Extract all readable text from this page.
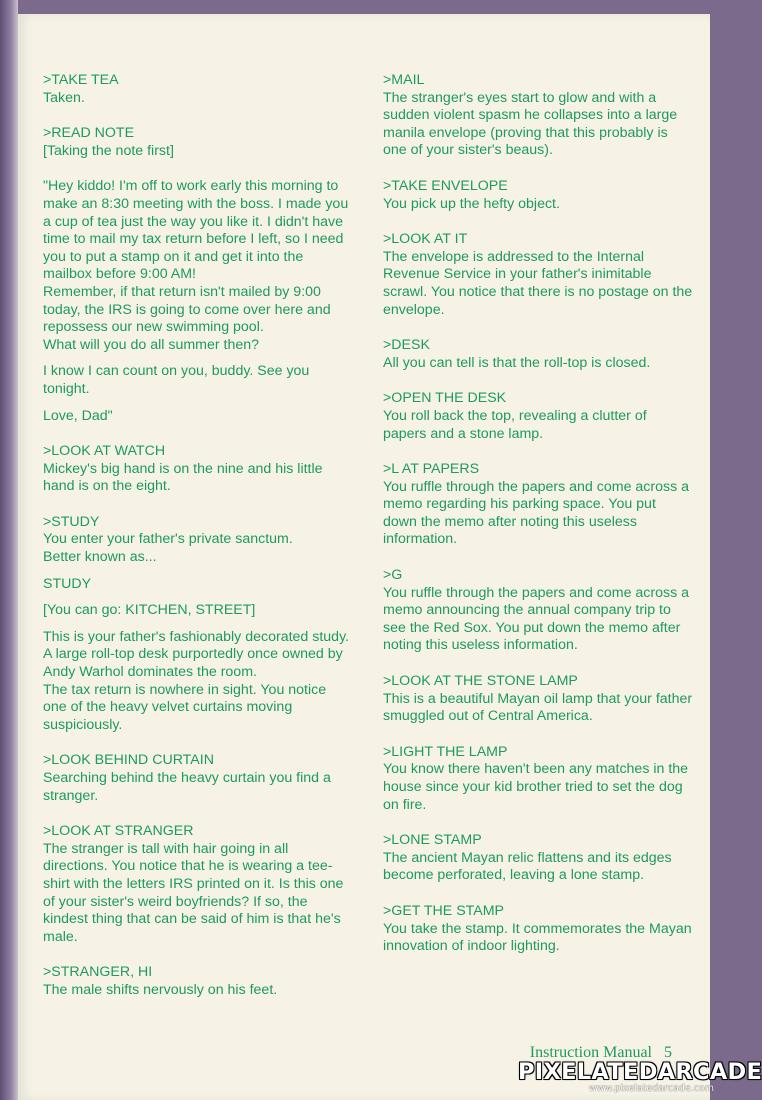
>TAKE TEA

Taken.

>READ NOTE

[Taking the note first]

"Hey kiddo! I'm off to work early this morning to make an 8:30 meeting with the boss. I made you a cup of tea just the way you like it. I didn't have time to mail my tax return before I left, so I need you to put a stamp on it and get it into the mailbox before 9:00 AM!
Remember, if that return isn't mailed by 9:00 today, the IRS is going to come over here and repossess our new swimming pool.
What will you do all summer then?

I know I can count on you, buddy. See you tonight.

Love, Dad"

>LOOK AT WATCH

Mickey's big hand is on the nine and his little hand is on the eight.

>STUDY

You enter your father's private sanctum.
Better known as...

STUDY

[You can go: KITCHEN, STREET]

This is your father's fashionably decorated study. A large roll-top desk purportedly once owned by Andy Warhol dominates the room.
The tax return is nowhere in sight. You notice one of the heavy velvet curtains moving suspiciously.

>LOOK BEHIND CURTAIN

Searching behind the heavy curtain you find a stranger.

>LOOK AT STRANGER

The stranger is tall with hair going in all directions. You notice that he is wearing a tee-shirt with the letters IRS printed on it. Is this one of your sister's weird boyfriends? If so, the kindest thing that can be said of him is that he's male.

>STRANGER, HI

The male shifts nervously on his feet.

>MAIL

The stranger's eyes start to glow and with a sudden violent spasm he collapses into a large manila envelope (proving that this probably is one of your sister's beaus).

>TAKE ENVELOPE

You pick up the hefty object.

>LOOK AT IT

The envelope is addressed to the Internal Revenue Service in your father's inimitable scrawl. You notice that there is no postage on the envelope.

>DESK

All you can tell is that the roll-top is closed.

>OPEN THE DESK

You roll back the top, revealing a clutter of papers and a stone lamp.

>L AT PAPERS

You ruffle through the papers and come across a memo regarding his parking space. You put down the memo after noting this useless information.

>G

You ruffle through the papers and come across a memo announcing the annual company trip to see the Red Sox. You put down the memo after noting this useless information.

>LOOK AT THE STONE LAMP

This is a beautiful Mayan oil lamp that your father smuggled out of Central America.

>LIGHT THE LAMP

You know there haven't been any matches in the house since your kid brother tried to set the dog on fire.

>LONE STAMP

The ancient Mayan relic flattens and its edges become perforated, leaving a lone stamp.

>GET THE STAMP

You take the stamp. It commemorates the Mayan innovation of indoor lighting.

Instruction Manual 5
PIXELATEDARCADE
www.pixelatedarcade.com
